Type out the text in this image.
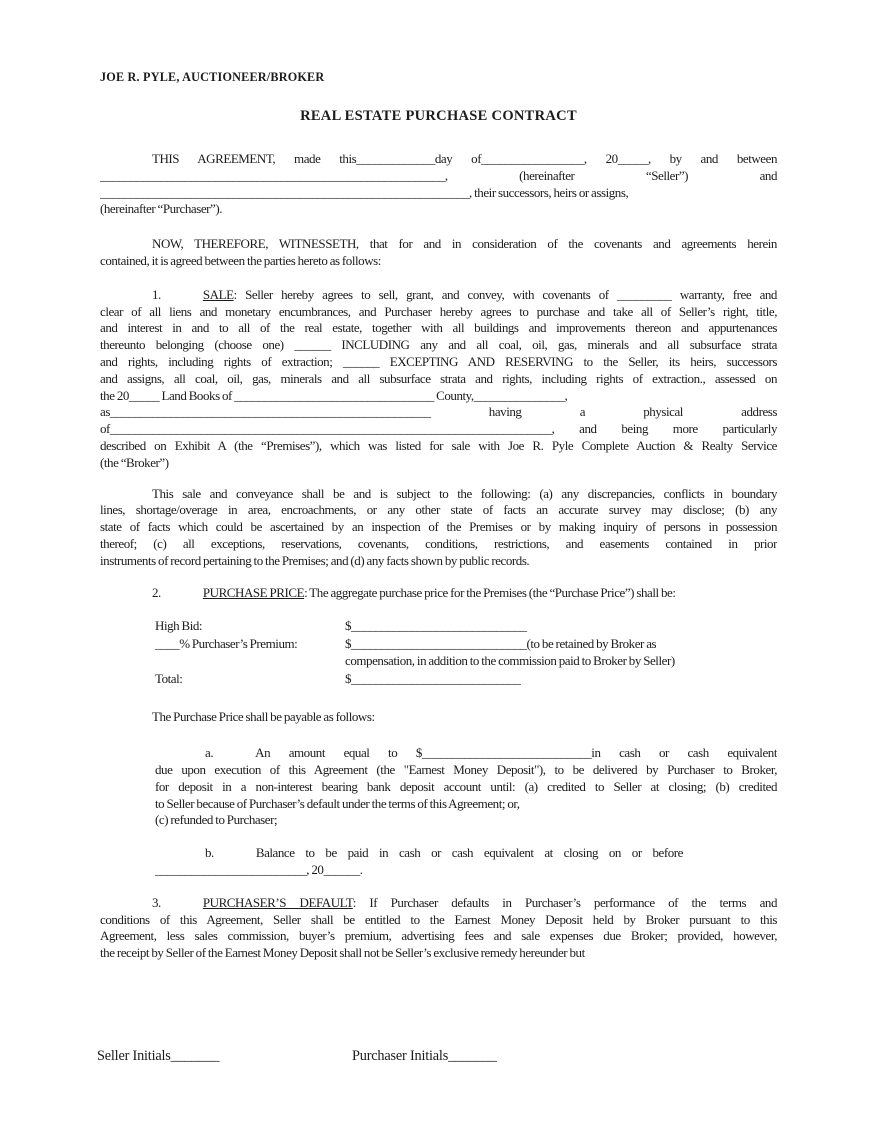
JOE R. PYLE, AUCTIONEER/BROKER
REAL ESTATE PURCHASE CONTRACT
THIS AGREEMENT, made this_____________day of_________________, 20_____, by and between
_________________________________________________________, (hereinafter “Seller”) and
_____________________________________________________________, their successors, heirs or assigns,
(hereinafter “Purchaser”).
NOW, THEREFORE, WITNESSETH, that for and in consideration of the covenants and agreements herein
contained, it is agreed between the parties hereto as follows:
1.	SALE: Seller hereby agrees to sell, grant, and convey, with covenants of _________ warranty, free and
clear of all liens and monetary encumbrances, and Purchaser hereby agrees to purchase and take all of Seller’s right, title,
and interest in and to all of the real estate, together with all buildings and improvements thereon and appurtenances
thereunto belonging (choose one) ______ INCLUDING any and all coal, oil, gas, minerals and all subsurface strata
and rights, including rights of extraction; ______ EXCEPTING AND RESERVING to the Seller, its heirs, successors
and assigns, all coal, oil, gas, minerals and all subsurface strata and rights, including rights of extraction., assessed on
the 20_____ Land Books of _________________________________ County,_______________,
as_____________________________________________________ having a physical address
of_________________________________________________________________________, and being more particularly
described on Exhibit A (the “Premises”), which was listed for sale with Joe R. Pyle Complete Auction & Realty Service
(the “Broker”)
This sale and conveyance shall be and is subject to the following: (a) any discrepancies, conflicts in boundary
lines, shortage/overage in area, encroachments, or any other state of facts an accurate survey may disclose; (b) any
state of facts which could be ascertained by an inspection of the Premises or by making inquiry of persons in possession
thereof; (c) all exceptions, reservations, covenants, conditions, restrictions, and easements contained in prior
instruments of record pertaining to the Premises; and (d) any facts shown by public records.
2.	PURCHASE PRICE: The aggregate purchase price for the Premises (the “Purchase Price”) shall be:
High Bid:	$_____________________________
____% Purchaser’s Premium:	$_____________________________(to be retained by Broker as
compensation, in addition to the commission paid to Broker by Seller)
Total:	$____________________________
The Purchase Price shall be payable as follows:
a.	An amount equal to $____________________________in cash or cash equivalent
due upon execution of this Agreement (the "Earnest Money Deposit"), to be delivered by Purchaser to Broker,
for deposit in a non-interest bearing bank deposit account until: (a) credited to Seller at closing; (b) credited
to Seller because of Purchaser’s default under the terms of this Agreement; or,
(c) refunded to Purchaser;
b.	Balance to be paid in cash or cash equivalent at closing on or before
_________________________, 20______.
3.	PURCHASER’S DEFAULT: If Purchaser defaults in Purchaser’s performance of the terms and
conditions of this Agreement, Seller shall be entitled to the Earnest Money Deposit held by Broker pursuant to this
Agreement, less sales commission, buyer’s premium, advertising fees and sale expenses due Broker; provided, however,
the receipt by Seller of the Earnest Money Deposit shall not be Seller’s exclusive remedy hereunder but
Seller Initials_______	Purchaser Initials_______
